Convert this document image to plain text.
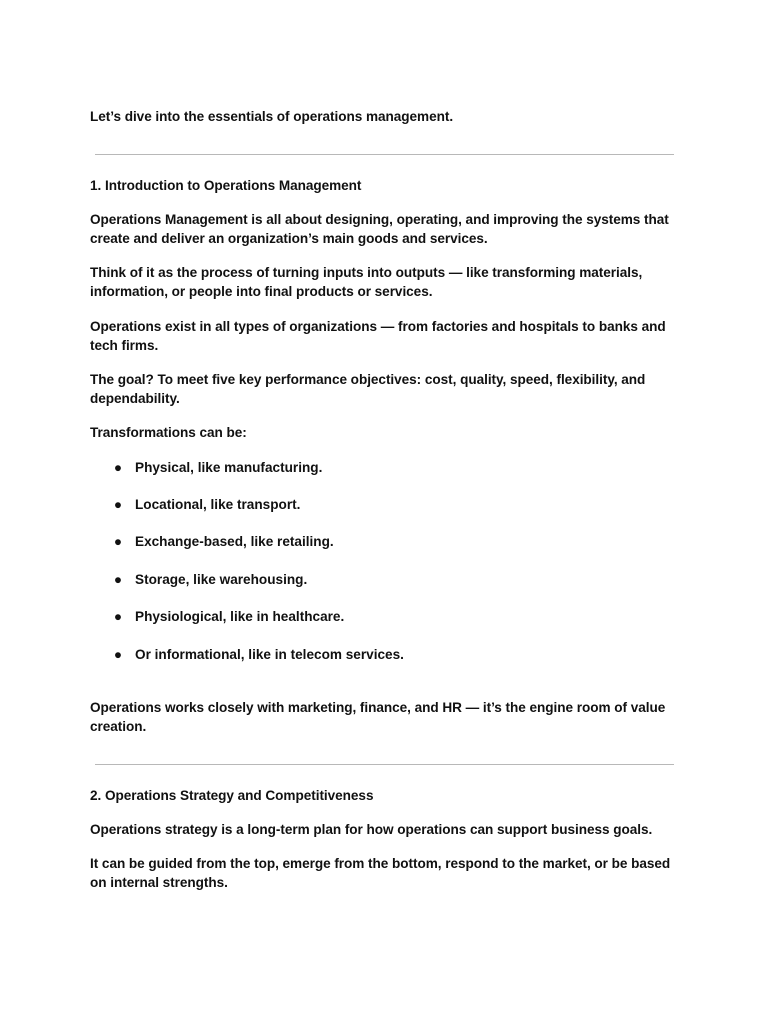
Let’s dive into the essentials of operations management.

1. Introduction to Operations Management

Operations Management is all about designing, operating, and improving the systems that create and deliver an organization’s main goods and services.

Think of it as the process of turning inputs into outputs — like transforming materials, information, or people into final products or services.

Operations exist in all types of organizations — from factories and hospitals to banks and tech firms.

The goal? To meet five key performance objectives: cost, quality, speed, flexibility, and dependability.

Transformations can be:

● Physical, like manufacturing.
● Locational, like transport.
● Exchange-based, like retailing.
● Storage, like warehousing.
● Physiological, like in healthcare.
● Or informational, like in telecom services.

Operations works closely with marketing, finance, and HR — it’s the engine room of value creation.

2. Operations Strategy and Competitiveness

Operations strategy is a long-term plan for how operations can support business goals.

It can be guided from the top, emerge from the bottom, respond to the market, or be based on internal strengths.
